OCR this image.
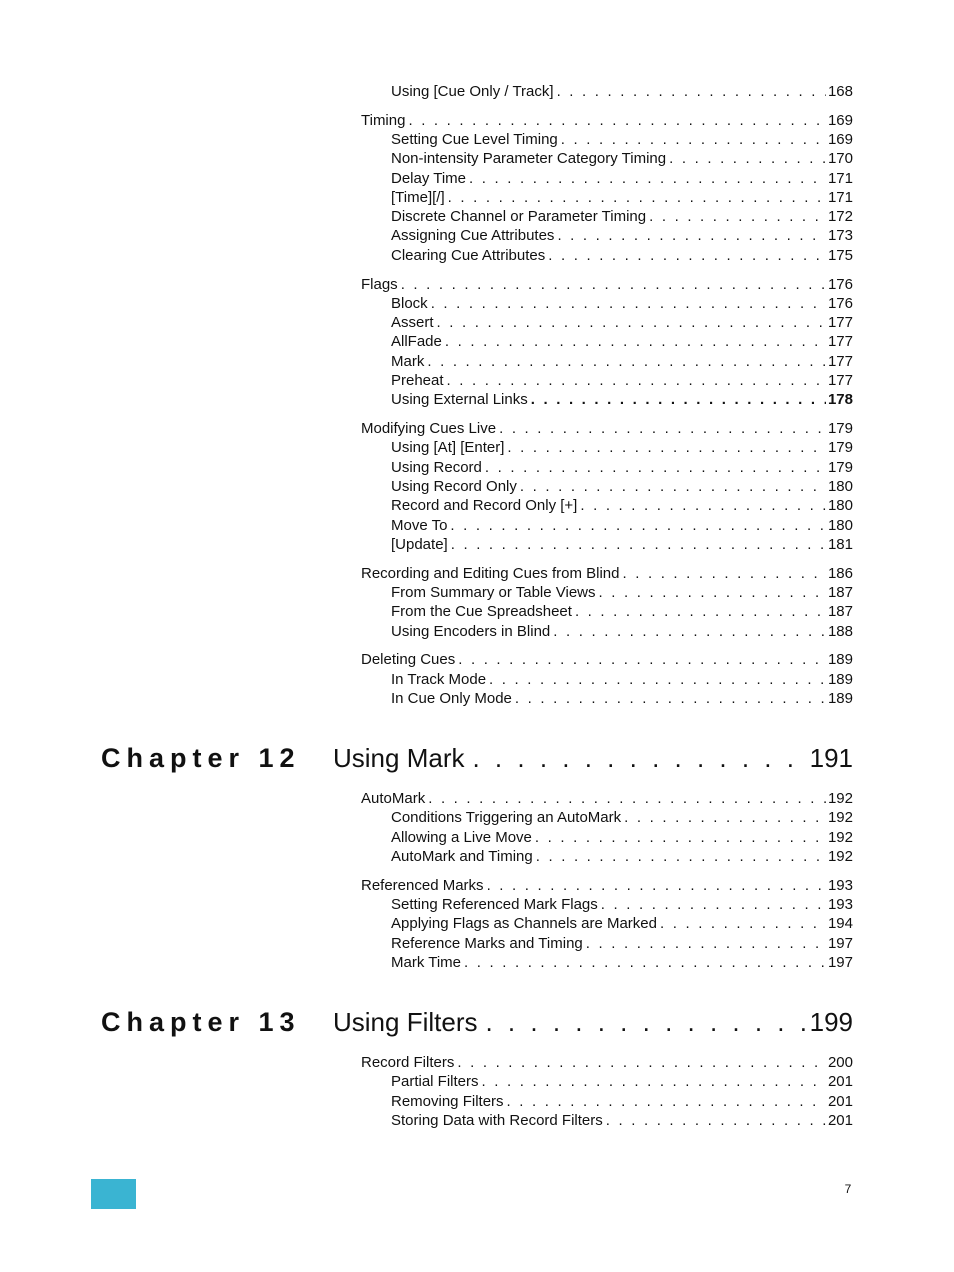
Using [Cue Only / Track] . . .	168
Timing . . .	169
Setting Cue Level Timing . . .	169
Non-intensity Parameter Category Timing . . .	170
Delay Time . . .	171
[Time][/] . . .	171
Discrete Channel or Parameter Timing . . .	172
Assigning Cue Attributes . . .	173
Clearing Cue Attributes . . .	175
Flags . . .	176
Block . . .	176
Assert . . .	177
AllFade . . .	177
Mark . . .	177
Preheat . . .	177
Using External Links . . .	178
Modifying Cues Live . . .	179
Using [At] [Enter] . . .	179
Using Record . . .	179
Using Record Only . . .	180
Record and Record Only [+] . . .	180
Move To . . .	180
[Update] . . .	181
Recording and Editing Cues from Blind . . .	186
From Summary or Table Views . . .	187
From the Cue Spreadsheet . . .	187
Using Encoders in Blind . . .	188
Deleting Cues . . .	189
In Track Mode . . .	189
In Cue Only Mode . . .	189
Chapter 12 Using Mark . . .	191
AutoMark . . .	192
Conditions Triggering an AutoMark . . .	192
Allowing a Live Move . . .	192
AutoMark and Timing . . .	192
Referenced Marks . . .	193
Setting Referenced Mark Flags . . .	193
Applying Flags as Channels are Marked . . .	194
Reference Marks and Timing . . .	197
Mark Time . . .	197
Chapter 13 Using Filters . . .	199
Record Filters . . .	200
Partial Filters . . .	201
Removing Filters . . .	201
Storing Data with Record Filters . . .	201
7
